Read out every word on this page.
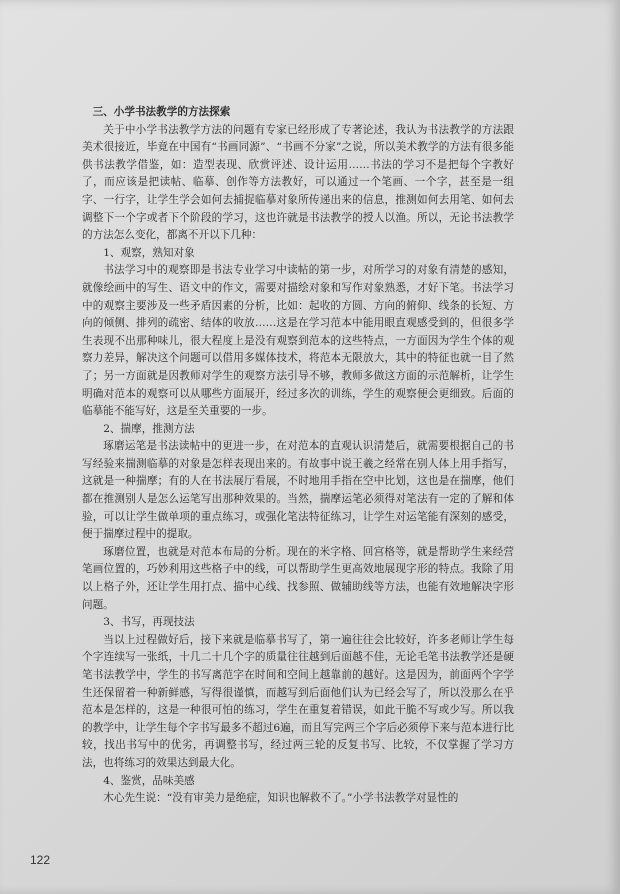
三、小学书法教学的方法探索

关于中小学书法教学方法的问题有专家已经形成了专著论述，我认为书法教学的方法跟美术很接近，毕竟在中国有“书画同源”、“书画不分家”之说，所以美术教学的方法有很多能供书法教学借鉴，如：造型表现、欣赏评述、设计运用……书法的学习不是把每个字教好了，而应该是把读帖、临摹、创作等方法教好，可以通过一个笔画、一个字，甚至是一组字、一行字，让学生学会如何去捕捉临摹对象所传递出来的信息，推测如何去用笔、如何去调整下一个字或者下个阶段的学习，这也许就是书法教学的授人以渔。所以，无论书法教学的方法怎么变化，都离不开以下几种：

1、观察，熟知对象

书法学习中的观察即是书法专业学习中读帖的第一步，对所学习的对象有清楚的感知，就像绘画中的写生、语文中的作文，需要对描绘对象和写作对象熟悉，才好下笔。书法学习中的观察主要涉及一些矛盾因素的分析，比如：起收的方圆、方向的俯仰、线条的长短、方向的倾侧、排列的疏密、结体的收放……这是在学习范本中能用眼直观感受到的，但很多学生表现不出那种味儿，很大程度上是没有观察到范本的这些特点，一方面因为学生个体的观察力差异，解决这个问题可以借用多媒体技术，将范本无限放大，其中的特征也就一目了然了；另一方面就是因教师对学生的观察方法引导不够，教师多做这方面的示范解析，让学生明确对范本的观察可以从哪些方面展开，经过多次的训练，学生的观察便会更细致。后面的临摹能不能写好，这是至关重要的一步。

2、揣摩，推测方法

琢磨运笔是书法读帖中的更进一步，在对范本的直观认识清楚后，就需要根据自己的书写经验来揣测临摹的对象是怎样表现出来的。有故事中说王羲之经常在别人体上用手指写，这就是一种揣摩；有的人在书法展厅看展，不时地用手指在空中比划，这也是在揣摩，他们都在推测别人是怎么运笔写出那种效果的。当然，揣摩运笔必须得对笔法有一定的了解和体验，可以让学生做单项的重点练习，或强化笔法特征练习，让学生对运笔能有深刻的感受，便于揣摩过程中的提取。

琢磨位置，也就是对范本布局的分析。现在的米字格、回宫格等，就是帮助学生来经营笔画位置的，巧妙利用这些格子中的线，可以帮助学生更高效地展现字形的特点。我除了用以上格子外，还让学生用打点、描中心线、找参照、做辅助线等方法，也能有效地解决字形问题。

3、书写，再现技法

当以上过程做好后，接下来就是临摹书写了，第一遍往往会比较好，许多老师让学生每个字连续写一张纸，十几二十几个字的质量往往越到后面越不佳，无论毛笔书法教学还是硬笔书法教学中，学生的书写离范字在时间和空间上越靠前的越好。这是因为，前面两个字学生还保留着一种新鲜感，写得很谨慎，而越写到后面他们认为已经会写了，所以没那么在乎范本是怎样的，这是一种很可怕的练习，学生在重复着错误，如此干脆不写或少写。所以我的教学中，让学生每个字书写最多不超过6遍，而且写完两三个字后必须停下来与范本进行比较，找出书写中的优劣，再调整书写，经过两三轮的反复书写、比较，不仅掌握了学习方法，也将练习的效果达到最大化。

4、鉴赏，品味美感

木心先生说：“没有审美力是绝症，知识也解救不了。”小学书法教学对显性的

122
